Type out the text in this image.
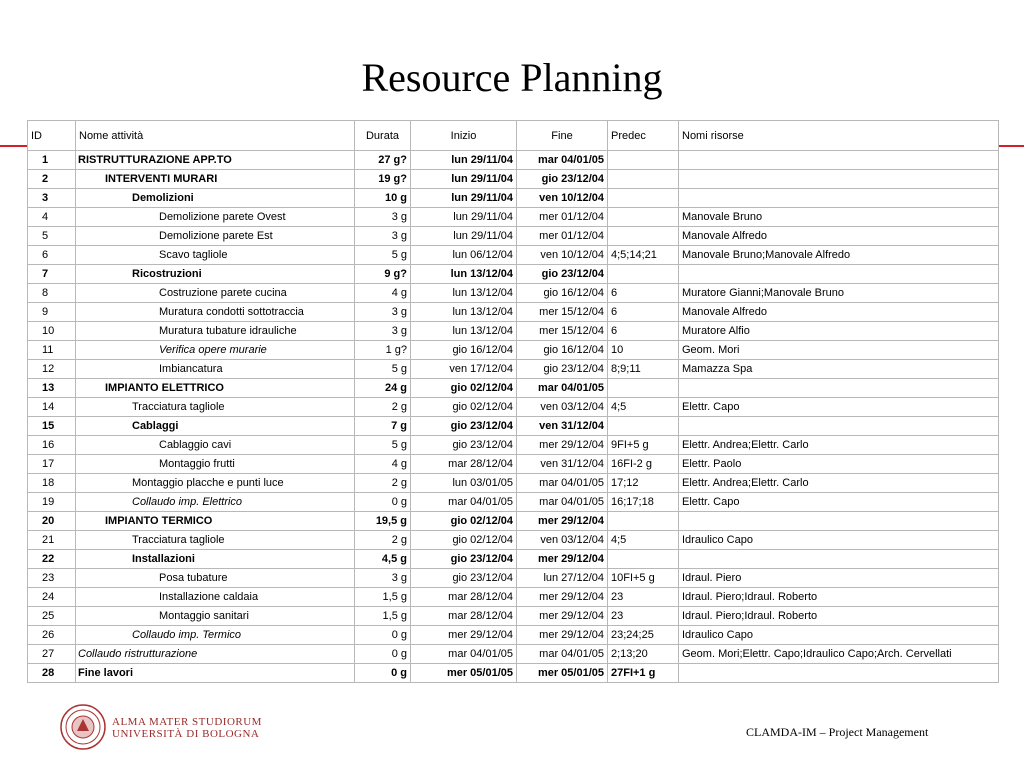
Resource Planning
ID	Nome attività	Durata	Inizio	Fine	Predec	Nomi risorse
1	RISTRUTTURAZIONE APP.TO	27 g?	lun 29/11/04	mar 04/01/05		
2	INTERVENTI MURARI	19 g?	lun 29/11/04	gio 23/12/04		
3	Demolizioni	10 g	lun 29/11/04	ven 10/12/04		
4	Demolizione parete Ovest	3 g	lun 29/11/04	mer 01/12/04		Manovale Bruno
5	Demolizione parete Est	3 g	lun 29/11/04	mer 01/12/04		Manovale Alfredo
6	Scavo tagliole	5 g	lun 06/12/04	ven 10/12/04	4;5;14;21	Manovale Bruno;Manovale Alfredo
7	Ricostruzioni	9 g?	lun 13/12/04	gio 23/12/04		
8	Costruzione parete cucina	4 g	lun 13/12/04	gio 16/12/04	6	Muratore Gianni;Manovale Bruno
9	Muratura condotti sottotraccia	3 g	lun 13/12/04	mer 15/12/04	6	Manovale Alfredo
10	Muratura tubature idrauliche	3 g	lun 13/12/04	mer 15/12/04	6	Muratore Alfio
11	Verifica opere murarie	1 g?	gio 16/12/04	gio 16/12/04	10	Geom. Mori
12	Imbiancatura	5 g	ven 17/12/04	gio 23/12/04	8;9;11	Mamazza Spa
13	IMPIANTO ELETTRICO	24 g	gio 02/12/04	mar 04/01/05		
14	Tracciatura tagliole	2 g	gio 02/12/04	ven 03/12/04	4;5	Elettr. Capo
15	Cablaggi	7 g	gio 23/12/04	ven 31/12/04		
16	Cablaggio cavi	5 g	gio 23/12/04	mer 29/12/04	9FI+5 g	Elettr. Andrea;Elettr. Carlo
17	Montaggio frutti	4 g	mar 28/12/04	ven 31/12/04	16FI-2 g	Elettr. Paolo
18	Montaggio placche e punti luce	2 g	lun 03/01/05	mar 04/01/05	17;12	Elettr. Andrea;Elettr. Carlo
19	Collaudo imp. Elettrico	0 g	mar 04/01/05	mar 04/01/05	16;17;18	Elettr. Capo
20	IMPIANTO TERMICO	19,5 g	gio 02/12/04	mer 29/12/04		
21	Tracciatura tagliole	2 g	gio 02/12/04	ven 03/12/04	4;5	Idraulico Capo
22	Installazioni	4,5 g	gio 23/12/04	mer 29/12/04		
23	Posa tubature	3 g	gio 23/12/04	lun 27/12/04	10FI+5 g	Idraul. Piero
24	Installazione caldaia	1,5 g	mar 28/12/04	mer 29/12/04	23	Idraul. Piero;Idraul. Roberto
25	Montaggio sanitari	1,5 g	mar 28/12/04	mer 29/12/04	23	Idraul. Piero;Idraul. Roberto
26	Collaudo imp. Termico	0 g	mer 29/12/04	mer 29/12/04	23;24;25	Idraulico Capo
27	Collaudo ristrutturazione	0 g	mar 04/01/05	mar 04/01/05	2;13;20	Geom. Mori;Elettr. Capo;Idraulico Capo;Arch. Cervellati
28	Fine lavori	0 g	mer 05/01/05	mer 05/01/05	27FI+1 g	
ALMA MATER STUDIORUM
UNIVERSITÀ DI BOLOGNA	CLAMDA-IM – Project Management
